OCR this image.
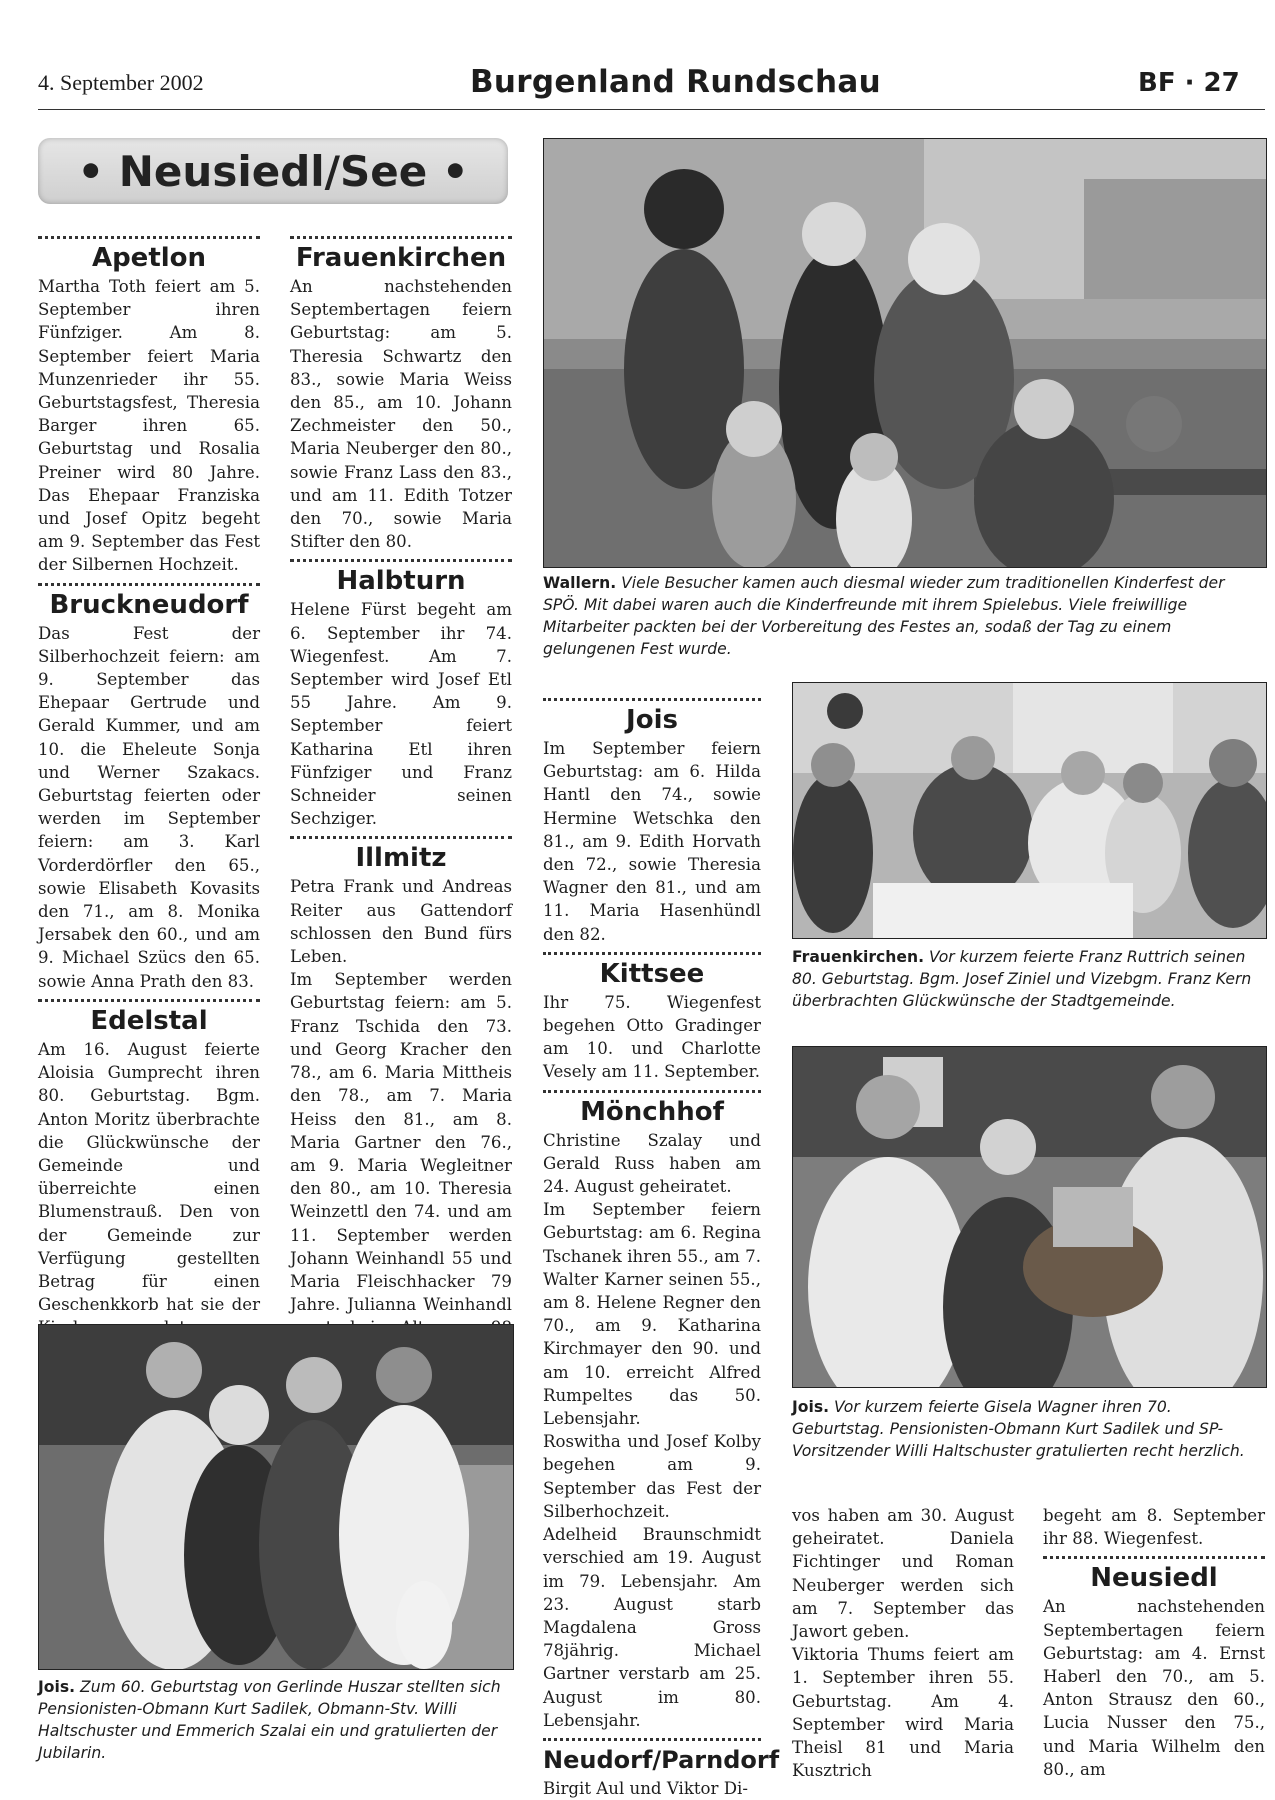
4. September 2002	Burgenland Rundschau	BF · 27
• Neusiedl/See •
Apetlon

Martha Toth feiert am 5. September ihren Fünfziger. Am 8. September feiert Maria Munzenrieder ihr 55. Geburtstagsfest, Theresia Barger ihren 65. Geburtstag und Rosalia Preiner wird 80 Jahre. Das Ehepaar Franziska und Josef Opitz begeht am 9. September das Fest der Silbernen Hochzeit.

Bruckneudorf

Das Fest der Silberhochzeit feiern: am 9. September das Ehepaar Gertrude und Gerald Kummer, und am 10. die Eheleute Sonja und Werner Szakacs. Geburtstag feierten oder werden im September feiern: am 3. Karl Vorderdörfler den 65., sowie Elisabeth Kovasits den 71., am 8. Monika Jersabek den 60., und am 9. Michael Szücs den 65. sowie Anna Prath den 83.

Edelstal

Am 16. August feierte Aloisia Gumprecht ihren 80. Geburtstag. Bgm. Anton Moritz überbrachte die Glückwünsche der Gemeinde und überreichte einen Blumenstrauß. Den von der Gemeinde zur Verfügung gestellten Betrag für einen Geschenkkorb hat sie der

Frauenkirchen

An nachstehenden Septembertagen feiern Geburtstag: am 5. Theresia Schwartz den 83., sowie Maria Weiss den 85., am 10. Johann Zechmeister den 50., Maria Neuberger den 80., sowie Franz Lass den 83., und am 11. Edith Totzer den 70., sowie Maria Stifter den 80.

Halbturn

Helene Fürst begeht am 6. September ihr 74. Wiegenfest. Am 7. September wird Josef Etl 55 Jahre. Am 9. September feiert Katharina Etl ihren Fünfziger und Franz Schneider seinen Sechziger.

Illmitz

Petra Frank und Andreas Reiter aus Gattendorf schlossen den Bund fürs Leben.

Im September werden Geburtstag feiern: am 5. Franz Tschida den 73. und Georg Kracher den 78., am 6. Maria Mittheis den 78., am 7. Maria Heiss den 81., am 8. Maria Gartner den 76., am 9. Maria Wegleitner den 80., am 10. Theresia Weinzettl den 74. und am 11. September werden Johann Weinhandl 55 und Maria Fleischhacker 79 Jahre. Julianna Weinhandl

Wallern. Viele Besucher kamen auch diesmal wieder zum traditionellen Kinderfest der SPÖ. Mit dabei waren auch die Kinderfreunde mit ihrem Spielebus. Viele freiwillige Mitarbeiter packten bei der Vorbereitung des Festes an, sodaß der Tag zu einem gelungenen Fest wurde.
Jois

Im September feiern Geburtstag: am 6. Hilda Hantl den 74., sowie Hermine Wetschka den 81., am 9. Edith Horvath den 72., sowie Theresia Wagner den 81., und am 11. Maria Hasenhündl den 82.

Kittsee

Ihr 75. Wiegenfest begehen Otto Gradinger am 10. und Charlotte Vesely am 11. September.

Mönchhof

Christine Szalay und Gerald Russ haben am 24. August geheiratet.

Im September feiern Geburtstag: am 6. Regina Tschanek ihren 55., am 7. Walter Karner seinen 55., am 8. Helene Regner den 70., am 9. Katharina Kirchmayer den 90. und am 10. erreicht Alfred Rumpeltes das 50. Lebensjahr.

Roswitha und Josef Kolby begehen am 9. September das Fest der Silberhochzeit.

Adelheid Braunschmidt verschied am 19. August im 79. Lebensjahr. Am 23. August starb Magdalena Gross 78jährig. Michael Gartner verstarb am 25. August im 80. Lebensjahr.

Neudorf/Parndorf

Birgit Aul und Viktor Di-

Frauenkirchen. Vor kurzem feierte Franz Ruttrich seinen 80. Geburtstag. Bgm. Josef Ziniel und Vizebgm. Franz Kern überbrachten Glückwünsche der Stadtgemeinde.
Jois. Vor kurzem feierte Gisela Wagner ihren 70. Geburtstag. Pensionisten-Obmann Kurt Sadilek und SP-Vorsitzender Willi Haltschuster gratulierten recht herzlich.
Jois. Zum 60. Geburtstag von Gerlinde Huszar stellten sich Pensionisten-Obmann Kurt Sadilek, Obmann-Stv. Willi Haltschuster und Emmerich Szalai ein und gratulierten der Jubilarin.

vos haben am 30. August geheiratet. Daniela Fichtinger und Roman Neuberger werden sich am 7. September das Jawort geben.

Viktoria Thums feiert am 1. September ihren 55. Geburtstag. Am 4. September wird Maria Theisl 81 und Maria Kusztrich

begeht am 8. September ihr 88. Wiegenfest.

Neusiedl

An nachstehenden Septembertagen feiern Geburtstag: am 4. Ernst Haberl den 70., am 5. Anton Strausz den 60., Lucia Nusser den 75., und Maria Wilhelm den 80., am
